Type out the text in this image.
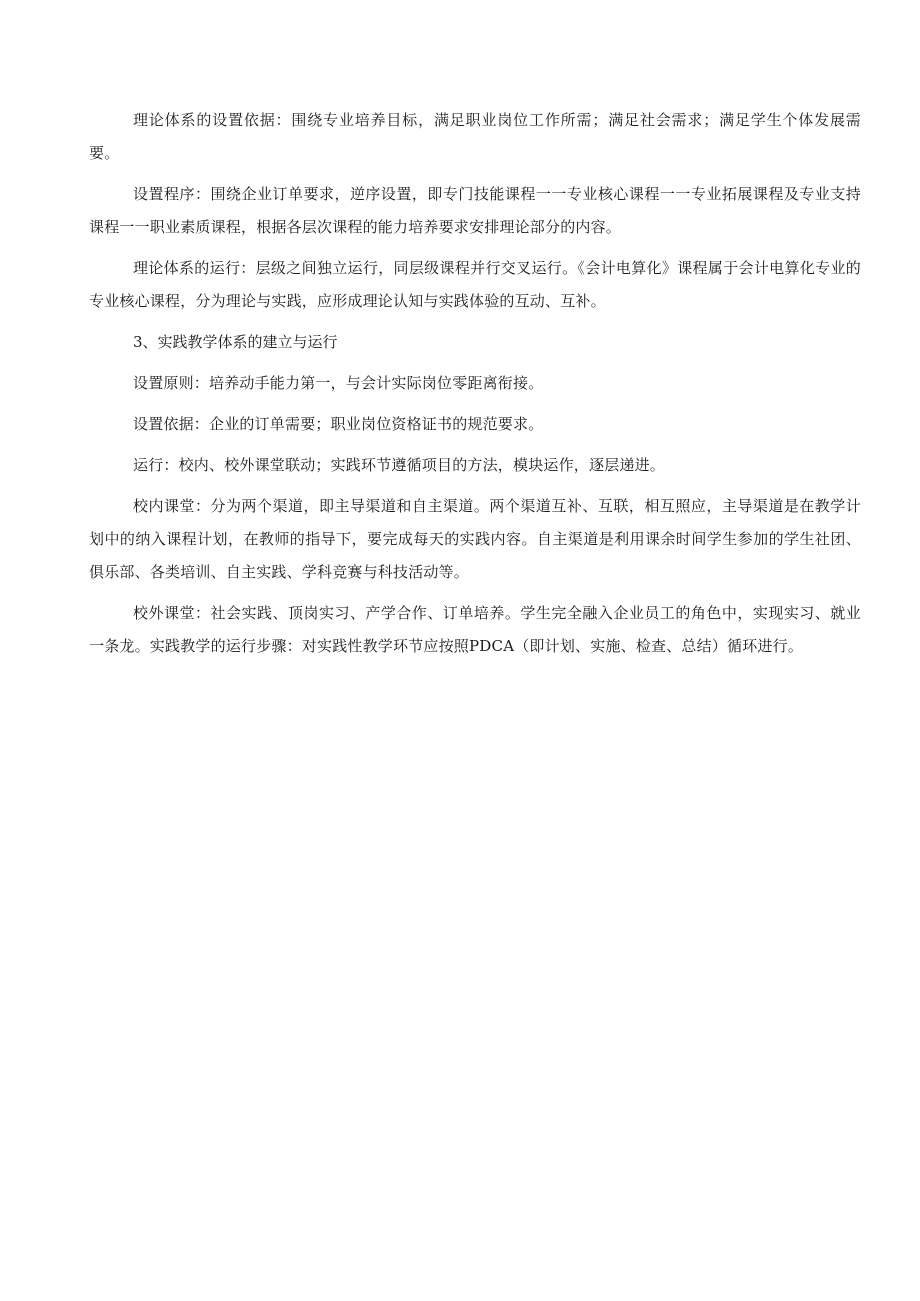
理论体系的设置依据：围绕专业培养目标，满足职业岗位工作所需；满足社会需求；满足学生个体发展需要。

设置程序：围绕企业订单要求，逆序设置，即专门技能课程一一专业核心课程一一专业拓展课程及专业支持课程一一职业素质课程，根据各层次课程的能力培养要求安排理论部分的内容。

理论体系的运行：层级之间独立运行，同层级课程并行交叉运行。《会计电算化》课程属于会计电算化专业的专业核心课程，分为理论与实践，应形成理论认知与实践体验的互动、互补。

3、实践教学体系的建立与运行

设置原则：培养动手能力第一，与会计实际岗位零距离衔接。

设置依据：企业的订单需要；职业岗位资格证书的规范要求。

运行：校内、校外课堂联动；实践环节遵循项目的方法，模块运作，逐层递进。

校内课堂：分为两个渠道，即主导渠道和自主渠道。两个渠道互补、互联，相互照应，主导渠道是在教学计划中的纳入课程计划，在教师的指导下，要完成每天的实践内容。自主渠道是利用课余时间学生参加的学生社团、俱乐部、各类培训、自主实践、学科竞赛与科技活动等。

校外课堂：社会实践、顶岗实习、产学合作、订单培养。学生完全融入企业员工的角色中，实现实习、就业一条龙。实践教学的运行步骤：对实践性教学环节应按照PDCA（即计划、实施、检查、总结）循环进行。
